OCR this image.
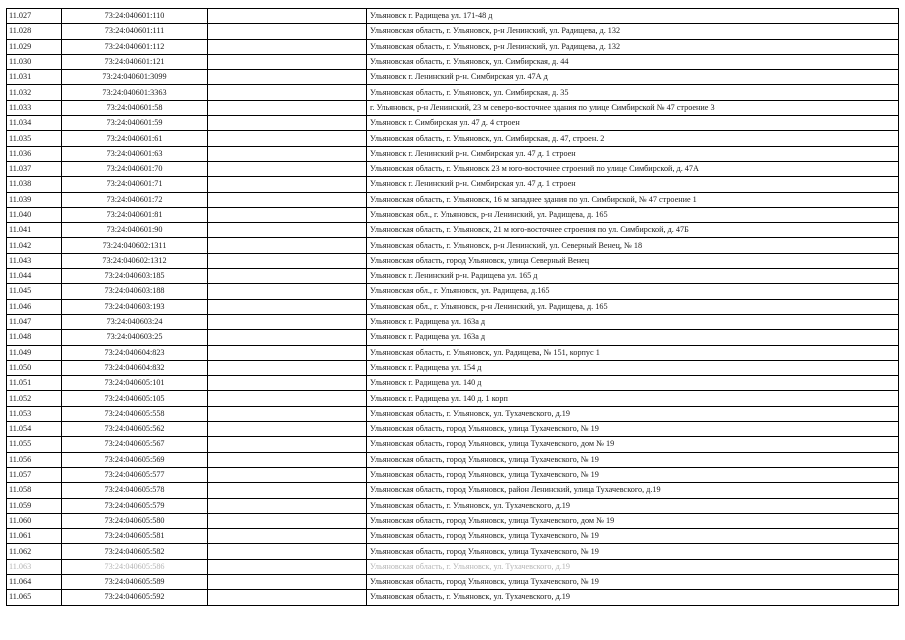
11.027	73:24:040601:110		Ульяновск г. Радищева ул. 171-48 д
11.028	73:24:040601:111		Ульяновская область, г. Ульяновск, р-н Ленинский, ул. Радищева, д. 132
11.029	73:24:040601:112		Ульяновская область, г. Ульяновск, р-н Ленинский, ул. Радищева, д. 132
11.030	73:24:040601:121		Ульяновская область, г. Ульяновск, ул. Симбирская, д. 44
11.031	73:24:040601:3099		Ульяновск г. Ленинский р-н. Симбирская ул. 47А д
11.032	73:24:040601:3363		Ульяновская область, г. Ульяновск, ул. Симбирская, д. 35
11.033	73:24:040601:58		г. Ульяновск, р-н Ленинский, 23 м северо-восточнее здания по улице Симбирской № 47 строение 3
11.034	73:24:040601:59		Ульяновск г. Симбирская ул. 47 д. 4 строен
11.035	73:24:040601:61		Ульяновская область, г. Ульяновск, ул. Симбирская, д. 47, строен. 2
11.036	73:24:040601:63		Ульяновск г. Ленинский р-н. Симбирская ул. 47 д. 1 строен
11.037	73:24:040601:70		Ульяновская область, г. Ульяновск 23 м юго-восточнее строений по улице Симбирской, д. 47А
11.038	73:24:040601:71		Ульяновск г. Ленинский р-н. Симбирская ул. 47 д. 1 строен
11.039	73:24:040601:72		Ульяновская область, г. Ульяновск, 16 м западнее здания по ул. Симбирской, № 47 строение 1
11.040	73:24:040601:81		Ульяновская обл., г. Ульяновск, р-н Ленинский, ул. Радищева, д. 165
11.041	73:24:040601:90		Ульяновская область, г. Ульяновск, 21 м юго-восточнее строения по ул. Симбирской, д. 47Б
11.042	73:24:040602:1311		Ульяновская область, г. Ульяновск, р-н Ленинский, ул. Северный Венец, № 18
11.043	73:24:040602:1312		Ульяновская область, город Ульяновск, улица Северный Венец
11.044	73:24:040603:185		Ульяновск г. Ленинский р-н. Радищева ул. 165 д
11.045	73:24:040603:188		Ульяновская обл., г. Ульяновск, ул. Радищева, д.165
11.046	73:24:040603:193		Ульяновская обл., г. Ульяновск, р-н Ленинский, ул. Радищева, д. 165
11.047	73:24:040603:24		Ульяновск г. Радищева ул. 163а д
11.048	73:24:040603:25		Ульяновск г. Радищева ул. 163а д
11.049	73:24:040604:823		Ульяновская область, г. Ульяновск, ул. Радищева, № 151, корпус 1
11.050	73:24:040604:832		Ульяновск г. Радищева ул. 154 д
11.051	73:24:040605:101		Ульяновск г. Радищева ул. 140 д
11.052	73:24:040605:105		Ульяновск г. Радищева ул. 140 д. 1 корп
11.053	73:24:040605:558		Ульяновская область, г. Ульяновск, ул. Тухачевского, д.19
11.054	73:24:040605:562		Ульяновская область, город Ульяновск, улица Тухачевского, № 19
11.055	73:24:040605:567		Ульяновская область, город Ульяновск, улица Тухачевского, дом № 19
11.056	73:24:040605:569		Ульяновская область, город Ульяновск, улица Тухачевского, № 19
11.057	73:24:040605:577		Ульяновская область, город Ульяновск, улица Тухачевского, № 19
11.058	73:24:040605:578		Ульяновская область, город Ульяновск, район Ленинский, улица Тухачевского, д.19
11.059	73:24:040605:579		Ульяновская область, г. Ульяновск, ул. Тухачевского, д.19
11.060	73:24:040605:580		Ульяновская область, город Ульяновск, улица Тухачевского, дом № 19
11.061	73:24:040605:581		Ульяновская область, город Ульяновск, улица Тухачевского, № 19
11.062	73:24:040605:582		Ульяновская область, город Ульяновск, улица Тухачевского, № 19
11.063	73:24:040605:586		Ульяновская область, г. Ульяновск, ул. Тухачевского, д.19
11.064	73:24:040605:589		Ульяновская область, город Ульяновск, улица Тухачевского, № 19
11.065	73:24:040605:592		Ульяновская область, г. Ульяновск, ул. Тухачевского, д.19
